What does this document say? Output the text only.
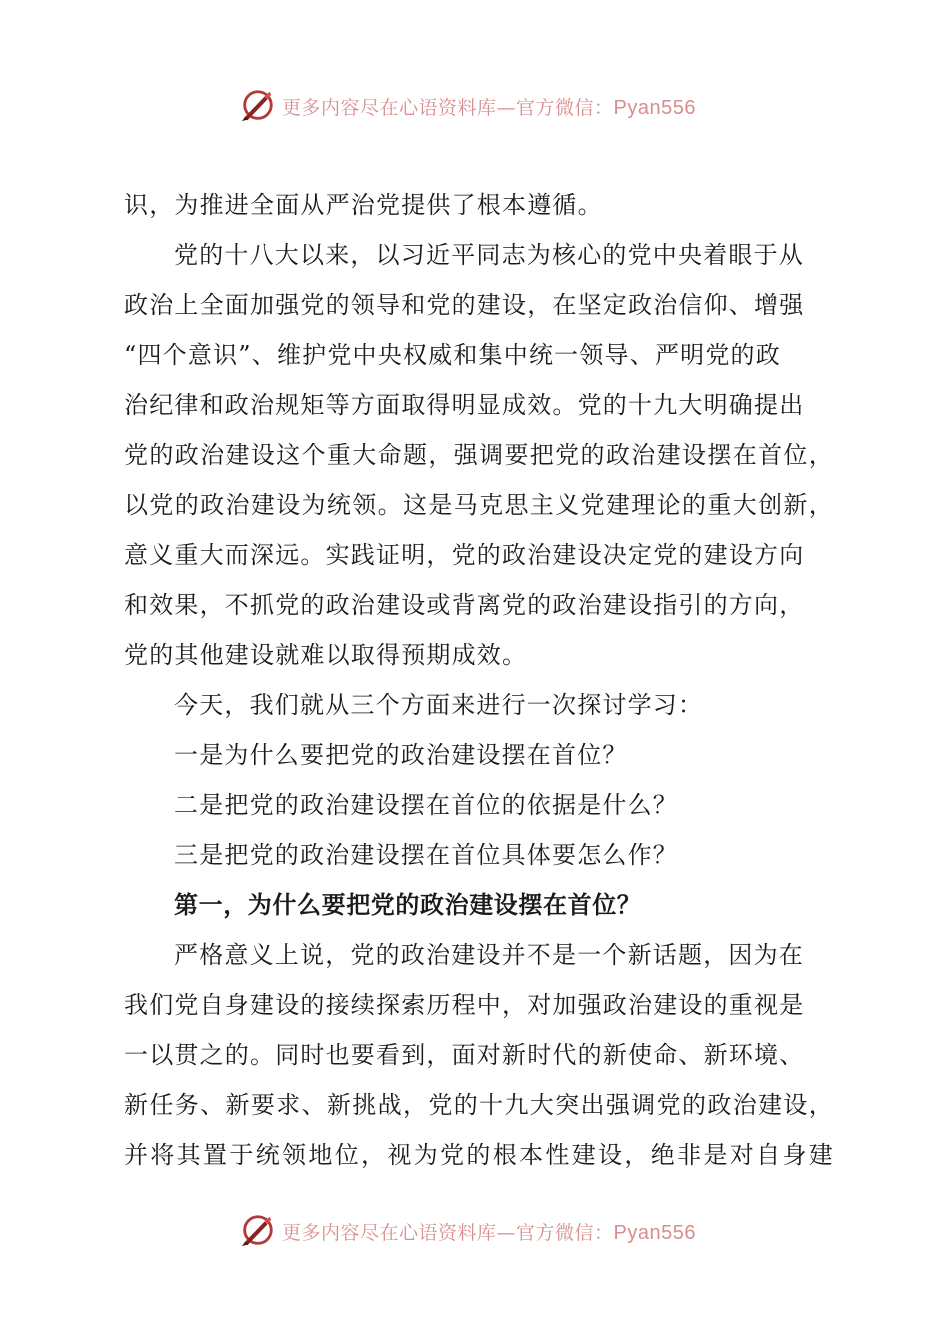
更多内容尽在心语资料库—官方微信：Pyan556
识，为推进全面从严治党提供了根本遵循。
党的十八大以来，以习近平同志为核心的党中央着眼于从
政治上全面加强党的领导和党的建设，在坚定政治信仰、增强
“四个意识”、维护党中央权威和集中统一领导、严明党的政
治纪律和政治规矩等方面取得明显成效。党的十九大明确提出
党的政治建设这个重大命题，强调要把党的政治建设摆在首位，
以党的政治建设为统领。这是马克思主义党建理论的重大创新，
意义重大而深远。实践证明，党的政治建设决定党的建设方向
和效果，不抓党的政治建设或背离党的政治建设指引的方向，
党的其他建设就难以取得预期成效。
今天，我们就从三个方面来进行一次探讨学习：
一是为什么要把党的政治建设摆在首位？
二是把党的政治建设摆在首位的依据是什么？
三是把党的政治建设摆在首位具体要怎么作？
第一，为什么要把党的政治建设摆在首位？
严格意义上说，党的政治建设并不是一个新话题，因为在
我们党自身建设的接续探索历程中，对加强政治建设的重视是
一以贯之的。同时也要看到，面对新时代的新使命、新环境、
新任务、新要求、新挑战，党的十九大突出强调党的政治建设，
并将其置于统领地位，视为党的根本性建设，绝非是对自身建
更多内容尽在心语资料库—官方微信：Pyan556
